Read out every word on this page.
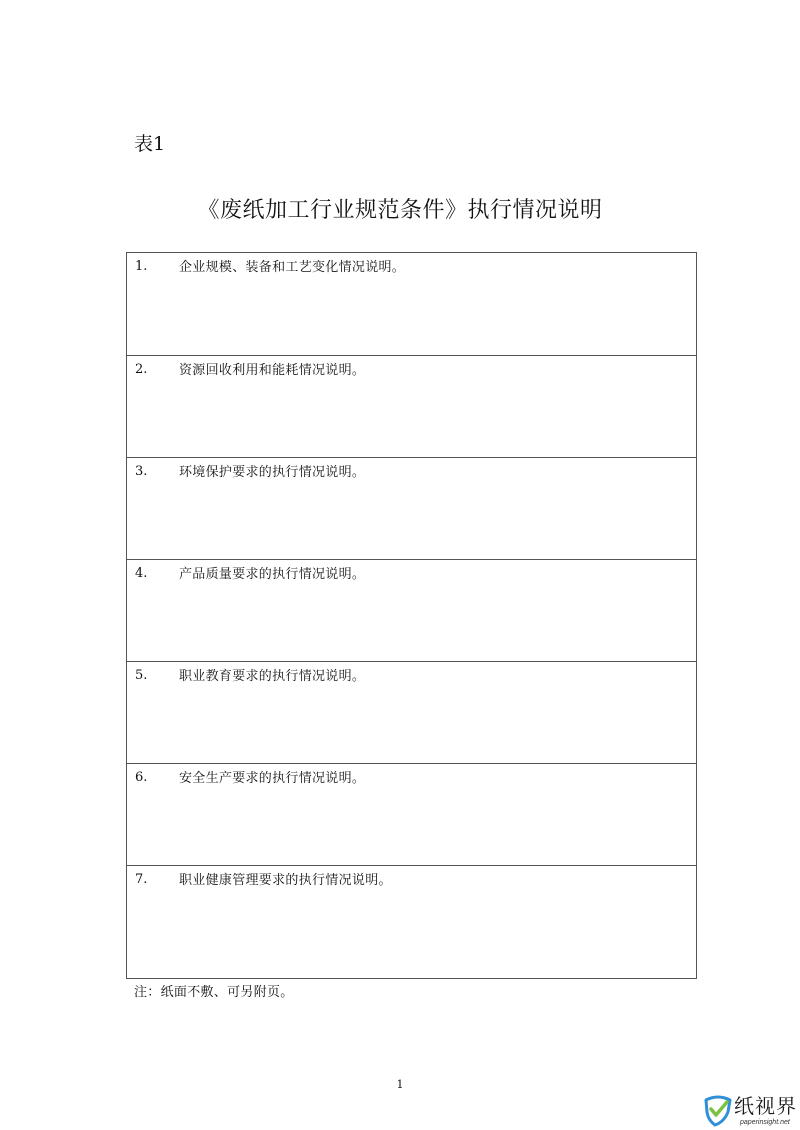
表1
《废纸加工行业规范条件》执行情况说明
1. 企业规模、装备和工艺变化情况说明。
2. 资源回收利用和能耗情况说明。
3. 环境保护要求的执行情况说明。
4. 产品质量要求的执行情况说明。
5. 职业教育要求的执行情况说明。
6. 安全生产要求的执行情况说明。
7. 职业健康管理要求的执行情况说明。
注：纸面不敷、可另附页。
1
纸视界
paperinsight.net
